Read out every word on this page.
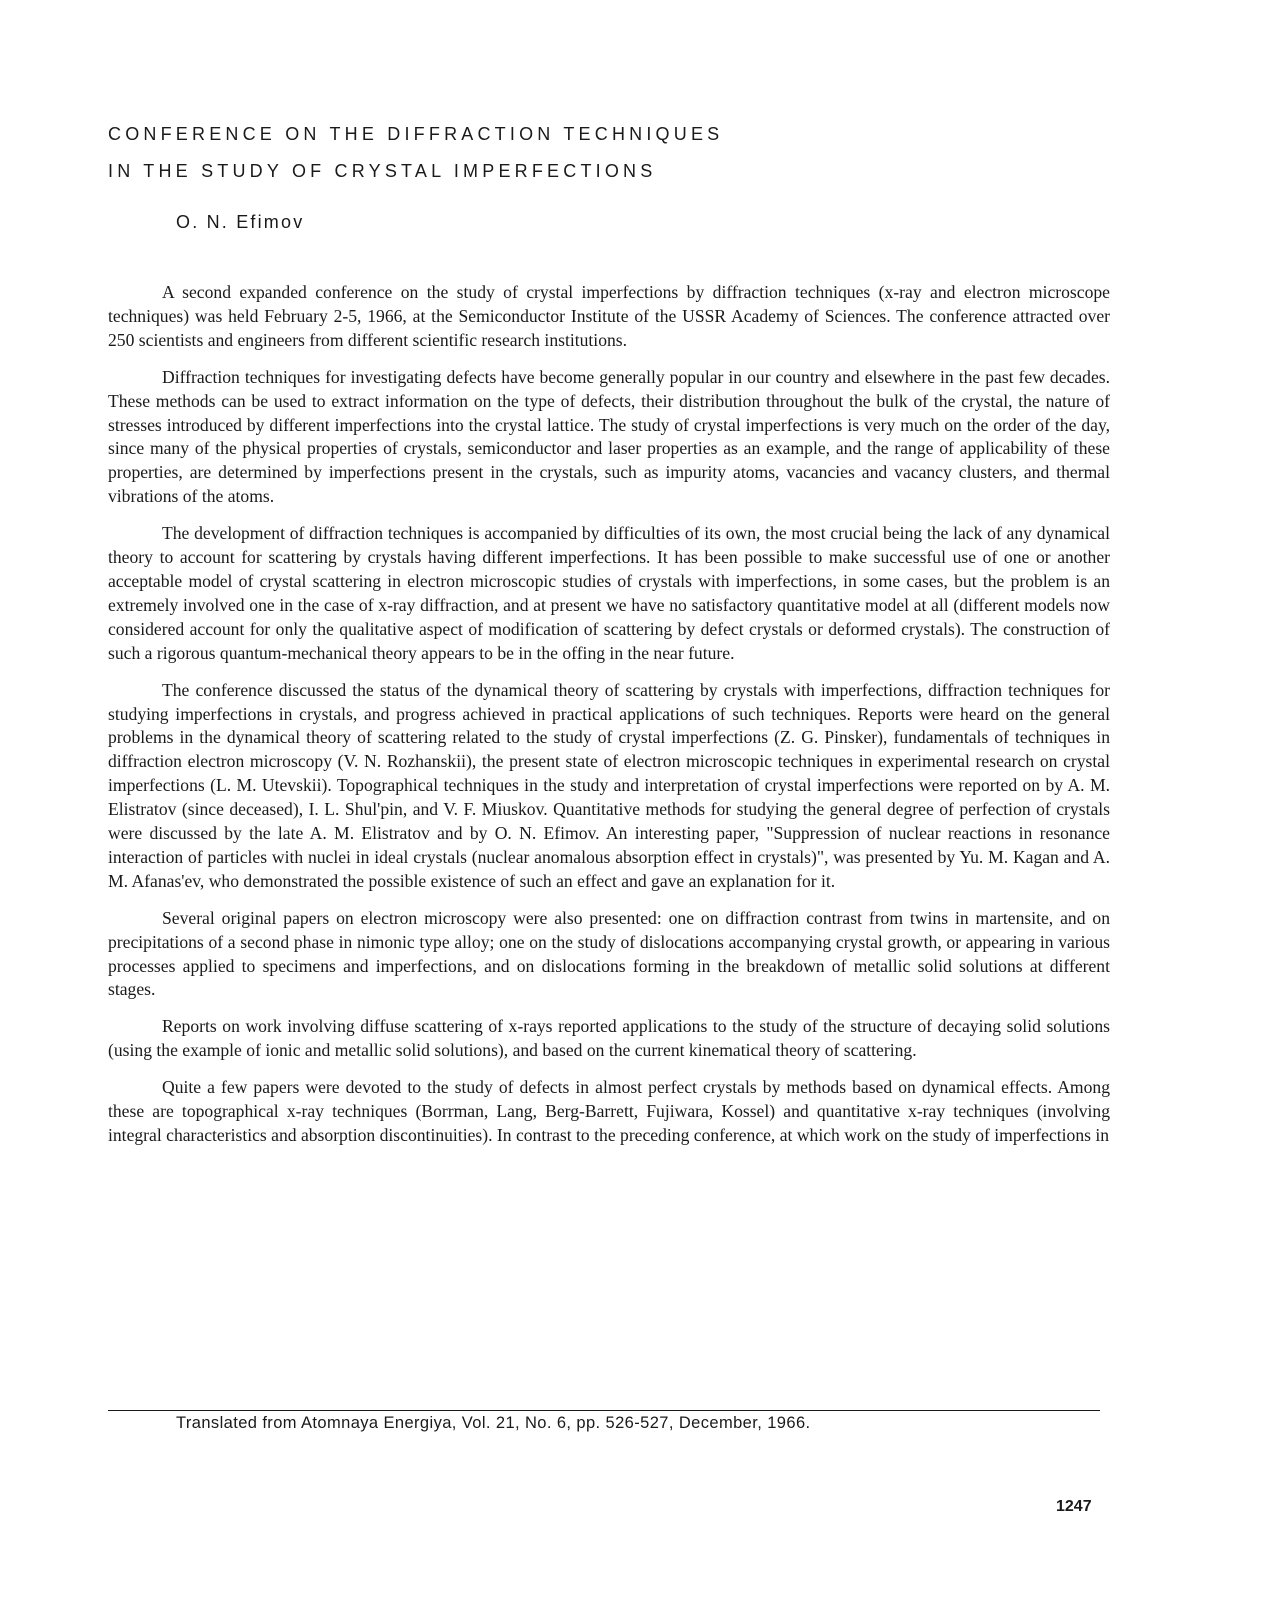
CONFERENCE ON THE DIFFRACTION TECHNIQUES
IN THE STUDY OF CRYSTAL IMPERFECTIONS
O. N. Efimov

A second expanded conference on the study of crystal imperfections by diffraction techniques (x-ray and electron microscope techniques) was held February 2-5, 1966, at the Semiconductor Institute of the USSR Academy of Sciences. The conference attracted over 250 scientists and engineers from different scientific research institutions.

Diffraction techniques for investigating defects have become generally popular in our country and elsewhere in the past few decades. These methods can be used to extract information on the type of defects, their distribution throughout the bulk of the crystal, the nature of stresses introduced by different imperfections into the crystal lattice. The study of crystal imperfections is very much on the order of the day, since many of the physical properties of crystals, semiconductor and laser properties as an example, and the range of applicability of these properties, are determined by imperfections present in the crystals, such as impurity atoms, vacancies and vacancy clusters, and thermal vibrations of the atoms.

The development of diffraction techniques is accompanied by difficulties of its own, the most crucial being the lack of any dynamical theory to account for scattering by crystals having different imperfections. It has been possible to make successful use of one or another acceptable model of crystal scattering in electron microscopic studies of crystals with imperfections, in some cases, but the problem is an extremely involved one in the case of x-ray diffraction, and at present we have no satisfactory quantitative model at all (different models now considered account for only the qualitative aspect of modification of scattering by defect crystals or deformed crystals). The construction of such a rigorous quantum-mechanical theory appears to be in the offing in the near future.

The conference discussed the status of the dynamical theory of scattering by crystals with imperfections, diffraction techniques for studying imperfections in crystals, and progress achieved in practical applications of such techniques. Reports were heard on the general problems in the dynamical theory of scattering related to the study of crystal imperfections (Z. G. Pinsker), fundamentals of techniques in diffraction electron microscopy (V. N. Rozhanskii), the present state of electron microscopic techniques in experimental research on crystal imperfections (L. M. Utevskii). Topographical techniques in the study and interpretation of crystal imperfections were reported on by A. M. Elistratov (since deceased), I. L. Shul'pin, and V. F. Miuskov. Quantitative methods for studying the general degree of perfection of crystals were discussed by the late A. M. Elistratov and by O. N. Efimov. An interesting paper, "Suppression of nuclear reactions in resonance interaction of particles with nuclei in ideal crystals (nuclear anomalous absorption effect in crystals)", was presented by Yu. M. Kagan and A. M. Afanas'ev, who demonstrated the possible existence of such an effect and gave an explanation for it.

Several original papers on electron microscopy were also presented: one on diffraction contrast from twins in martensite, and on precipitations of a second phase in nimonic type alloy; one on the study of dislocations accompanying crystal growth, or appearing in various processes applied to specimens and imperfections, and on dislocations forming in the breakdown of metallic solid solutions at different stages.

Reports on work involving diffuse scattering of x-rays reported applications to the study of the structure of decaying solid solutions (using the example of ionic and metallic solid solutions), and based on the current kinematical theory of scattering.

Quite a few papers were devoted to the study of defects in almost perfect crystals by methods based on dynamical effects. Among these are topographical x-ray techniques (Borrman, Lang, Berg-Barrett, Fujiwara, Kossel) and quantitative x-ray techniques (involving integral characteristics and absorption discontinuities). In contrast to the preceding conference, at which work on the study of imperfections in

Translated from Atomnaya Energiya, Vol. 21, No. 6, pp. 526-527, December, 1966.
1247
